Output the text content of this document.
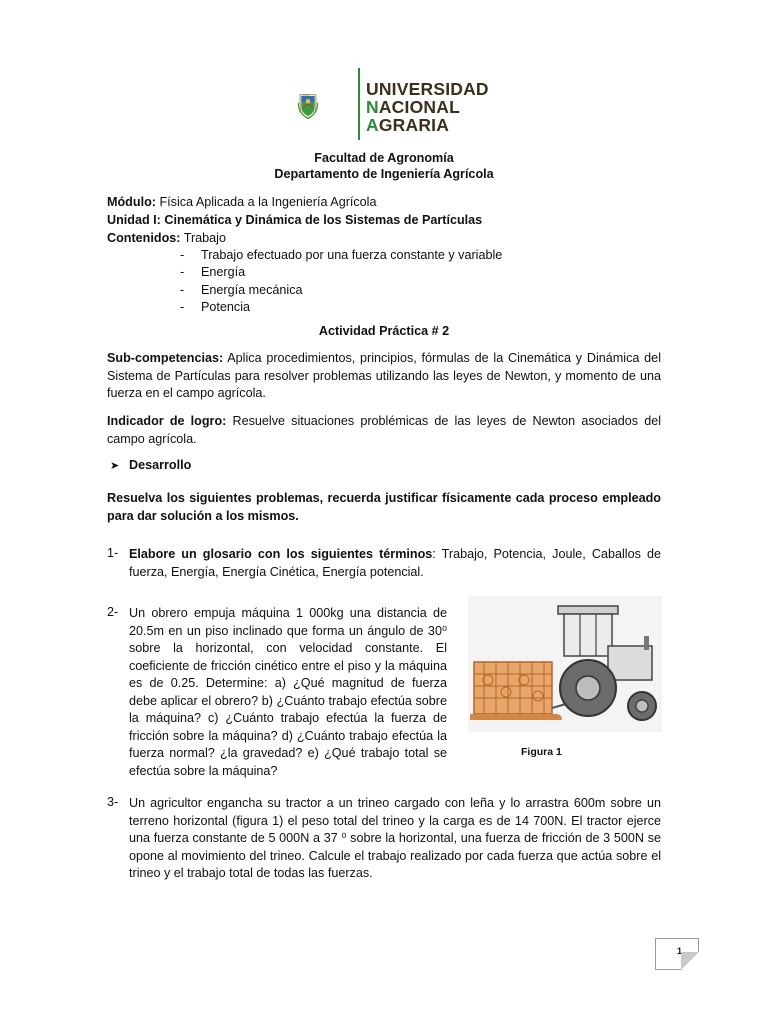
U N A	UNIVERSIDAD
NACIONAL
AGRARIA
Facultad de Agronomía
Departamento de Ingeniería Agrícola
Módulo: Física Aplicada a la Ingeniería Agrícola
Unidad I: Cinemática y Dinámica de los Sistemas de Partículas
Contenidos: Trabajo
- Trabajo efectuado por una fuerza constante y variable
- Energía
- Energía mecánica
- Potencia
Actividad Práctica # 2
Sub-competencias: Aplica procedimientos, principios, fórmulas de la Cinemática y Dinámica del Sistema de Partículas para resolver problemas utilizando las leyes de Newton, y momento de una fuerza en el campo agrícola.
Indicador de logro: Resuelve situaciones problémicas de las leyes de Newton asociados del campo agrícola.
➤ Desarrollo
Resuelva los siguientes problemas, recuerda justificar físicamente cada proceso empleado para dar solución a los mismos.
1- Elabore un glosario con los siguientes términos: Trabajo, Potencia, Joule, Caballos de fuerza, Energía, Energía Cinética, Energía potencial.
2- Un obrero empuja máquina 1 000kg una distancia de 20.5m en un piso inclinado que forma un ángulo de 30⁰ sobre la horizontal, con velocidad constante. El coeficiente de fricción cinético entre el piso y la máquina es de 0.25. Determine: a) ¿Qué magnitud de fuerza debe aplicar el obrero? b) ¿Cuánto trabajo efectúa sobre la máquina? c) ¿Cuánto trabajo efectúa la fuerza de fricción sobre la máquina? d) ¿Cuánto trabajo efectúa la fuerza normal? ¿la gravedad? e) ¿Qué trabajo total se efectúa sobre la máquina?
Figura 1
3- Un agricultor engancha su tractor a un trineo cargado con leña y lo arrastra 600m sobre un terreno horizontal (figura 1) el peso total del trineo y la carga es de 14 700N. El tractor ejerce una fuerza constante de 5 000N a 37 ⁰ sobre la horizontal, una fuerza de fricción de 3 500N se opone al movimiento del trineo. Calcule el trabajo realizado por cada fuerza que actúa sobre el trineo y el trabajo total de todas las fuerzas.
1
